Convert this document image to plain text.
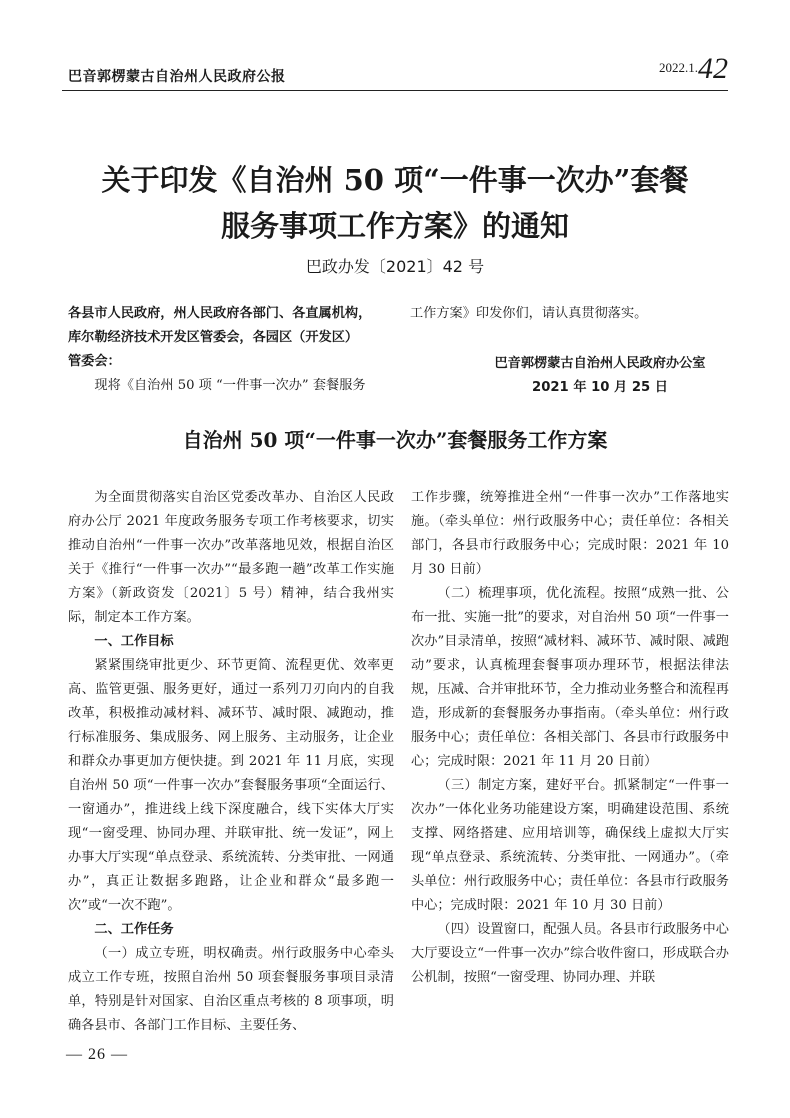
巴音郭楞蒙古自治州人民政府公报
$^{2022.1.}$42
关于印发《自治州 50 项“一件事一次办”套餐
服务事项工作方案》的通知
巴政办发〔2021〕42 号
各县市人民政府，州人民政府各部门、各直属机构，
库尔勒经济技术开发区管委会，各园区（开发区）
管委会：
现将《自治州 50 项 “一件事一次办” 套餐服务
工作方案》印发你们，请认真贯彻落实。
巴音郭楞蒙古自治州人民政府办公室
2021 年 10 月 25 日
自治州 50 项“一件事一次办”套餐服务工作方案
为全面贯彻落实自治区党委改革办、自治区人民政府办公厅 2021 年度政务服务专项工作考核要求，切实推动自治州“一件事一次办”改革落地见效，根据自治区关于《推行“一件事一次办”“最多跑一趟”改革工作实施方案》（新政资发〔2021〕5 号）精神，结合我州实际，制定本工作方案。
一、工作目标
紧紧围绕审批更少、环节更简、流程更优、效率更高、监管更强、服务更好，通过一系列刀刃向内的自我改革，积极推动减材料、减环节、减时限、减跑动，推行标准服务、集成服务、网上服务、主动服务，让企业和群众办事更加方便快捷。到 2021 年 11 月底，实现自治州 50 项“一件事一次办”套餐服务事项“全面运行、一窗通办”，推进线上线下深度融合，线下实体大厅实现“一窗受理、协同办理、并联审批、统一发证”，网上办事大厅实现“单点登录、系统流转、分类审批、一网通办”，真正让数据多跑路，让企业和群众“最多跑一次”或“一次不跑”。
二、工作任务
（一）成立专班，明权确责。州行政服务中心牵头成立工作专班，按照自治州 50 项套餐服务事项目录清单，特别是针对国家、自治区重点考核的 8 项事项，明确各县市、各部门工作目标、主要任务、
工作步骤，统筹推进全州“一件事一次办”工作落地实施。（牵头单位：州行政服务中心；责任单位：各相关部门，各县市行政服务中心；完成时限：2021 年 10 月 30 日前）
（二）梳理事项，优化流程。按照“成熟一批、公布一批、实施一批”的要求，对自治州 50 项“一件事一次办”目录清单，按照“减材料、减环节、减时限、减跑动”要求，认真梳理套餐事项办理环节，根据法律法规，压减、合并审批环节，全力推动业务整合和流程再造，形成新的套餐服务办事指南。（牵头单位：州行政服务中心；责任单位：各相关部门、各县市行政服务中心；完成时限：2021 年 11 月 20 日前）
（三）制定方案，建好平台。抓紧制定“一件事一次办”一体化业务功能建设方案，明确建设范围、系统支撑、网络搭建、应用培训等，确保线上虚拟大厅实现“单点登录、系统流转、分类审批、一网通办”。（牵头单位：州行政服务中心；责任单位：各县市行政服务中心；完成时限：2021 年 10 月 30 日前）
（四）设置窗口，配强人员。各县市行政服务中心大厅要设立“一件事一次办”综合收件窗口，形成联合办公机制，按照“一窗受理、协同办理、并联
— 26 —
